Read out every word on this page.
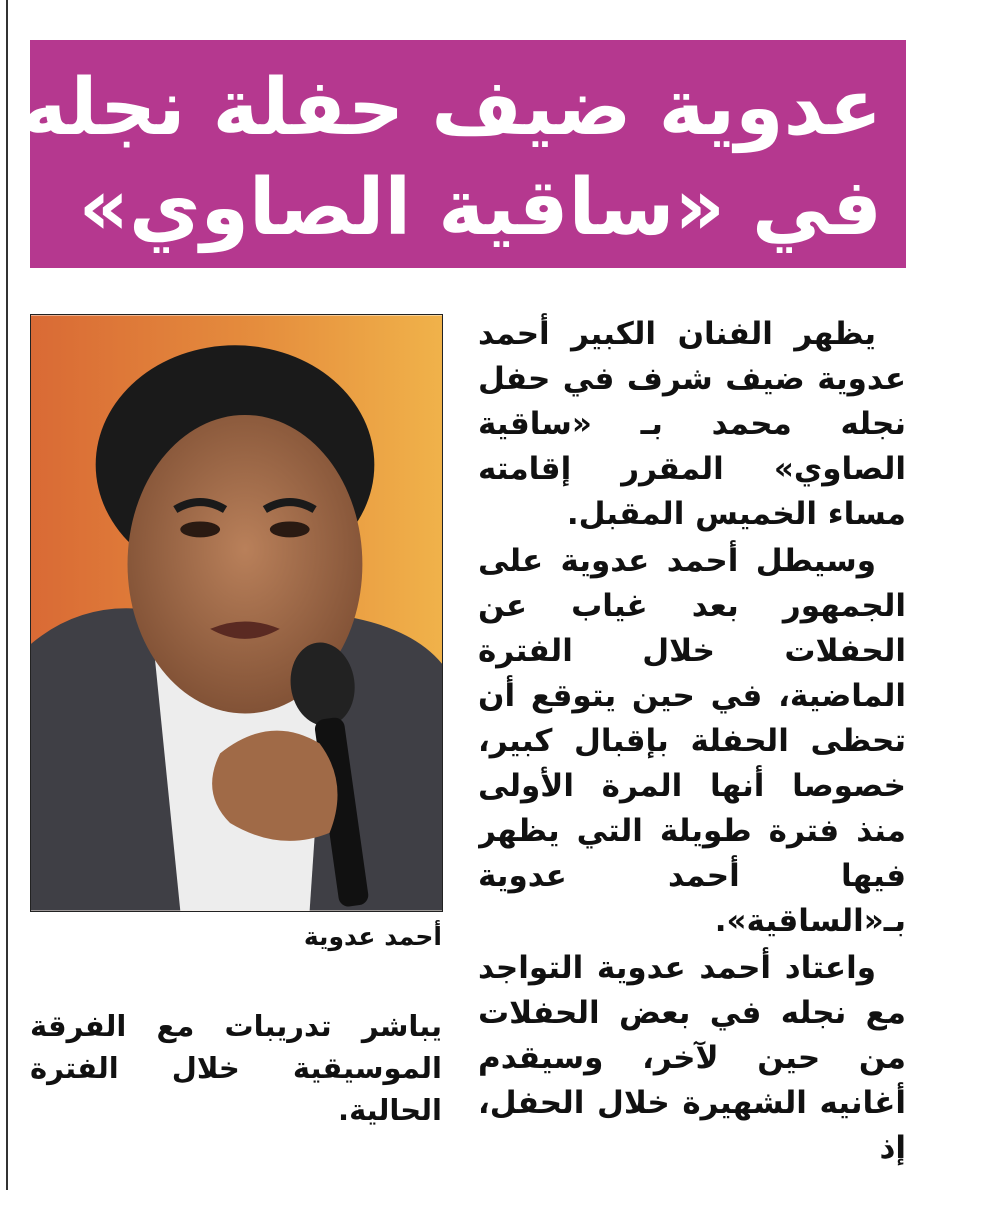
عدوية ضيف حفلة نجله
في «ساقية الصاوي»
أحمد عدوية
يباشر تدريبات مع الفرقة الموسيقية خلال الفترة الحالية.

يظهر الفنان الكبير أحمد عدوية ضيف شرف في حفل نجله محمد بـ «ساقية الصاوي» المقرر إقامته مساء الخميس المقبل.

وسيطل أحمد عدوية على الجمهور بعد غياب عن الحفلات خلال الفترة الماضية، في حين يتوقع أن تحظى الحفلة بإقبال كبير، خصوصا أنها المرة الأولى منذ فترة طويلة التي يظهر فيها أحمد عدوية بـ«الساقية».

واعتاد أحمد عدوية التواجد مع نجله في بعض الحفلات من حين لآخر، وسيقدم أغانيه الشهيرة خلال الحفل، إذ
